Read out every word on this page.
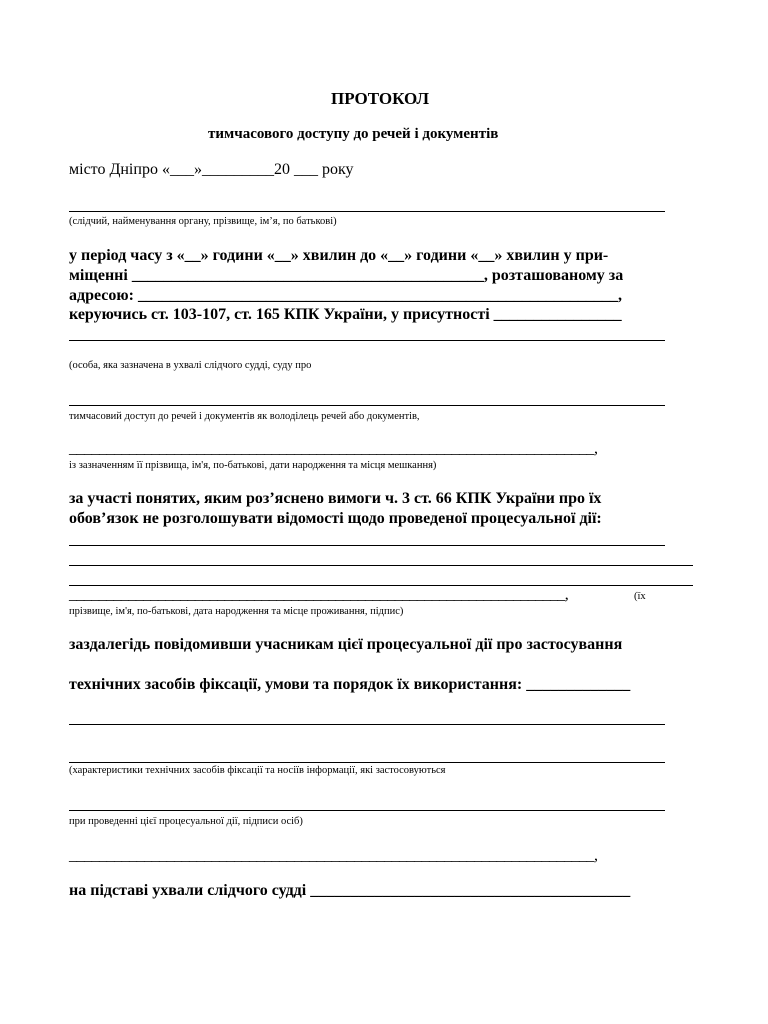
ПРОТОКОЛ
тимчасового доступу до речей і документів
місто Дніпро «___»_________20 ___ року
(слідчий, найменування органу, прізвище, ім’я, по батькові)
у період часу з «__» години «__» хвилин до «__» години «__» хвилин у при-
міщенні ____________________________________________, розташованому за
адресою: ____________________________________________________________,
керуючись ст. 103-107, ст. 165 КПК України, у присутності ________________
(особа, яка зазначена в ухвалі слідчого судді, суду про
тимчасовий доступ до речей і документів як володілець речей або документів,
______________________________________________________________________,
із зазначенням її прізвища, ім'я, по-батькові, дати народження та місця мешкання)
за участі понятих, яким роз’яснено вимоги ч. 3 ст. 66 КПК України про їх
обов’язок не розголошувати відомості щодо проведеної процесуальної дії:
___________________________________________________________________,	(їх
прізвище, ім'я, по-батькові, дата народження та місце проживання, підпис)
заздалегідь повідомивши учасникам цієї процесуальної дії про застосування
технічних засобів фіксації, умови та порядок їх використання: _____________
(характеристики технічних засобів фіксації та носіїв інформації, які застосовуються
при проведенні цієї процесуальної дії, підписи осіб)
______________________________________________________________________,
на підставі ухвали слідчого судді ________________________________________
